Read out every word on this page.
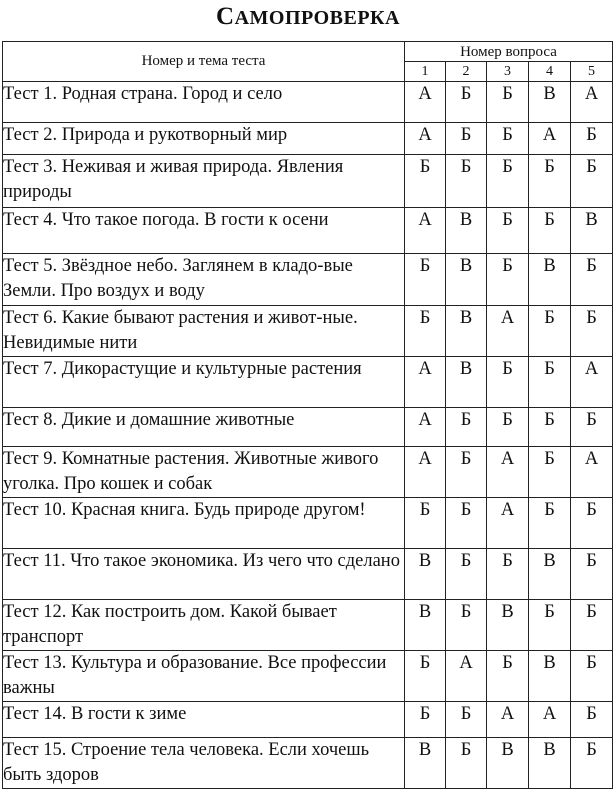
САМОПРОВЕРКА
Номер и тема теста	Номер вопроса				
	1	2	3	4	5
Тест 1. Родная страна. Город и село	А	Б	Б	В	А
Тест 2. Природа и рукотворный мир	А	Б	Б	А	Б
Тест 3. Неживая и живая природа. Явления природы	Б	Б	Б	Б	Б
Тест 4. Что такое погода. В гости к осени	А	В	Б	Б	В
Тест 5. Звёздное небо. Заглянем в кладо-вые Земли. Про воздух и воду	Б	В	Б	В	Б
Тест 6. Какие бывают растения и живот-ные. Невидимые нити	Б	В	А	Б	Б
Тест 7. Дикорастущие и культурные растения	А	В	Б	Б	А
Тест 8. Дикие и домашние животные	А	Б	Б	Б	Б
Тест 9. Комнатные растения. Животные живого уголка. Про кошек и собак	А	Б	А	Б	А
Тест 10. Красная книга. Будь природе другом!	Б	Б	А	Б	Б
Тест 11. Что такое экономика. Из чего что сделано	В	Б	Б	В	Б
Тест 12. Как построить дом. Какой бывает транспорт	В	Б	В	Б	Б
Тест 13. Культура и образование. Все профессии важны	Б	А	Б	В	Б
Тест 14. В гости к зиме	Б	Б	А	А	Б
Тест 15. Строение тела человека. Если хочешь быть здоров	В	Б	В	В	Б
